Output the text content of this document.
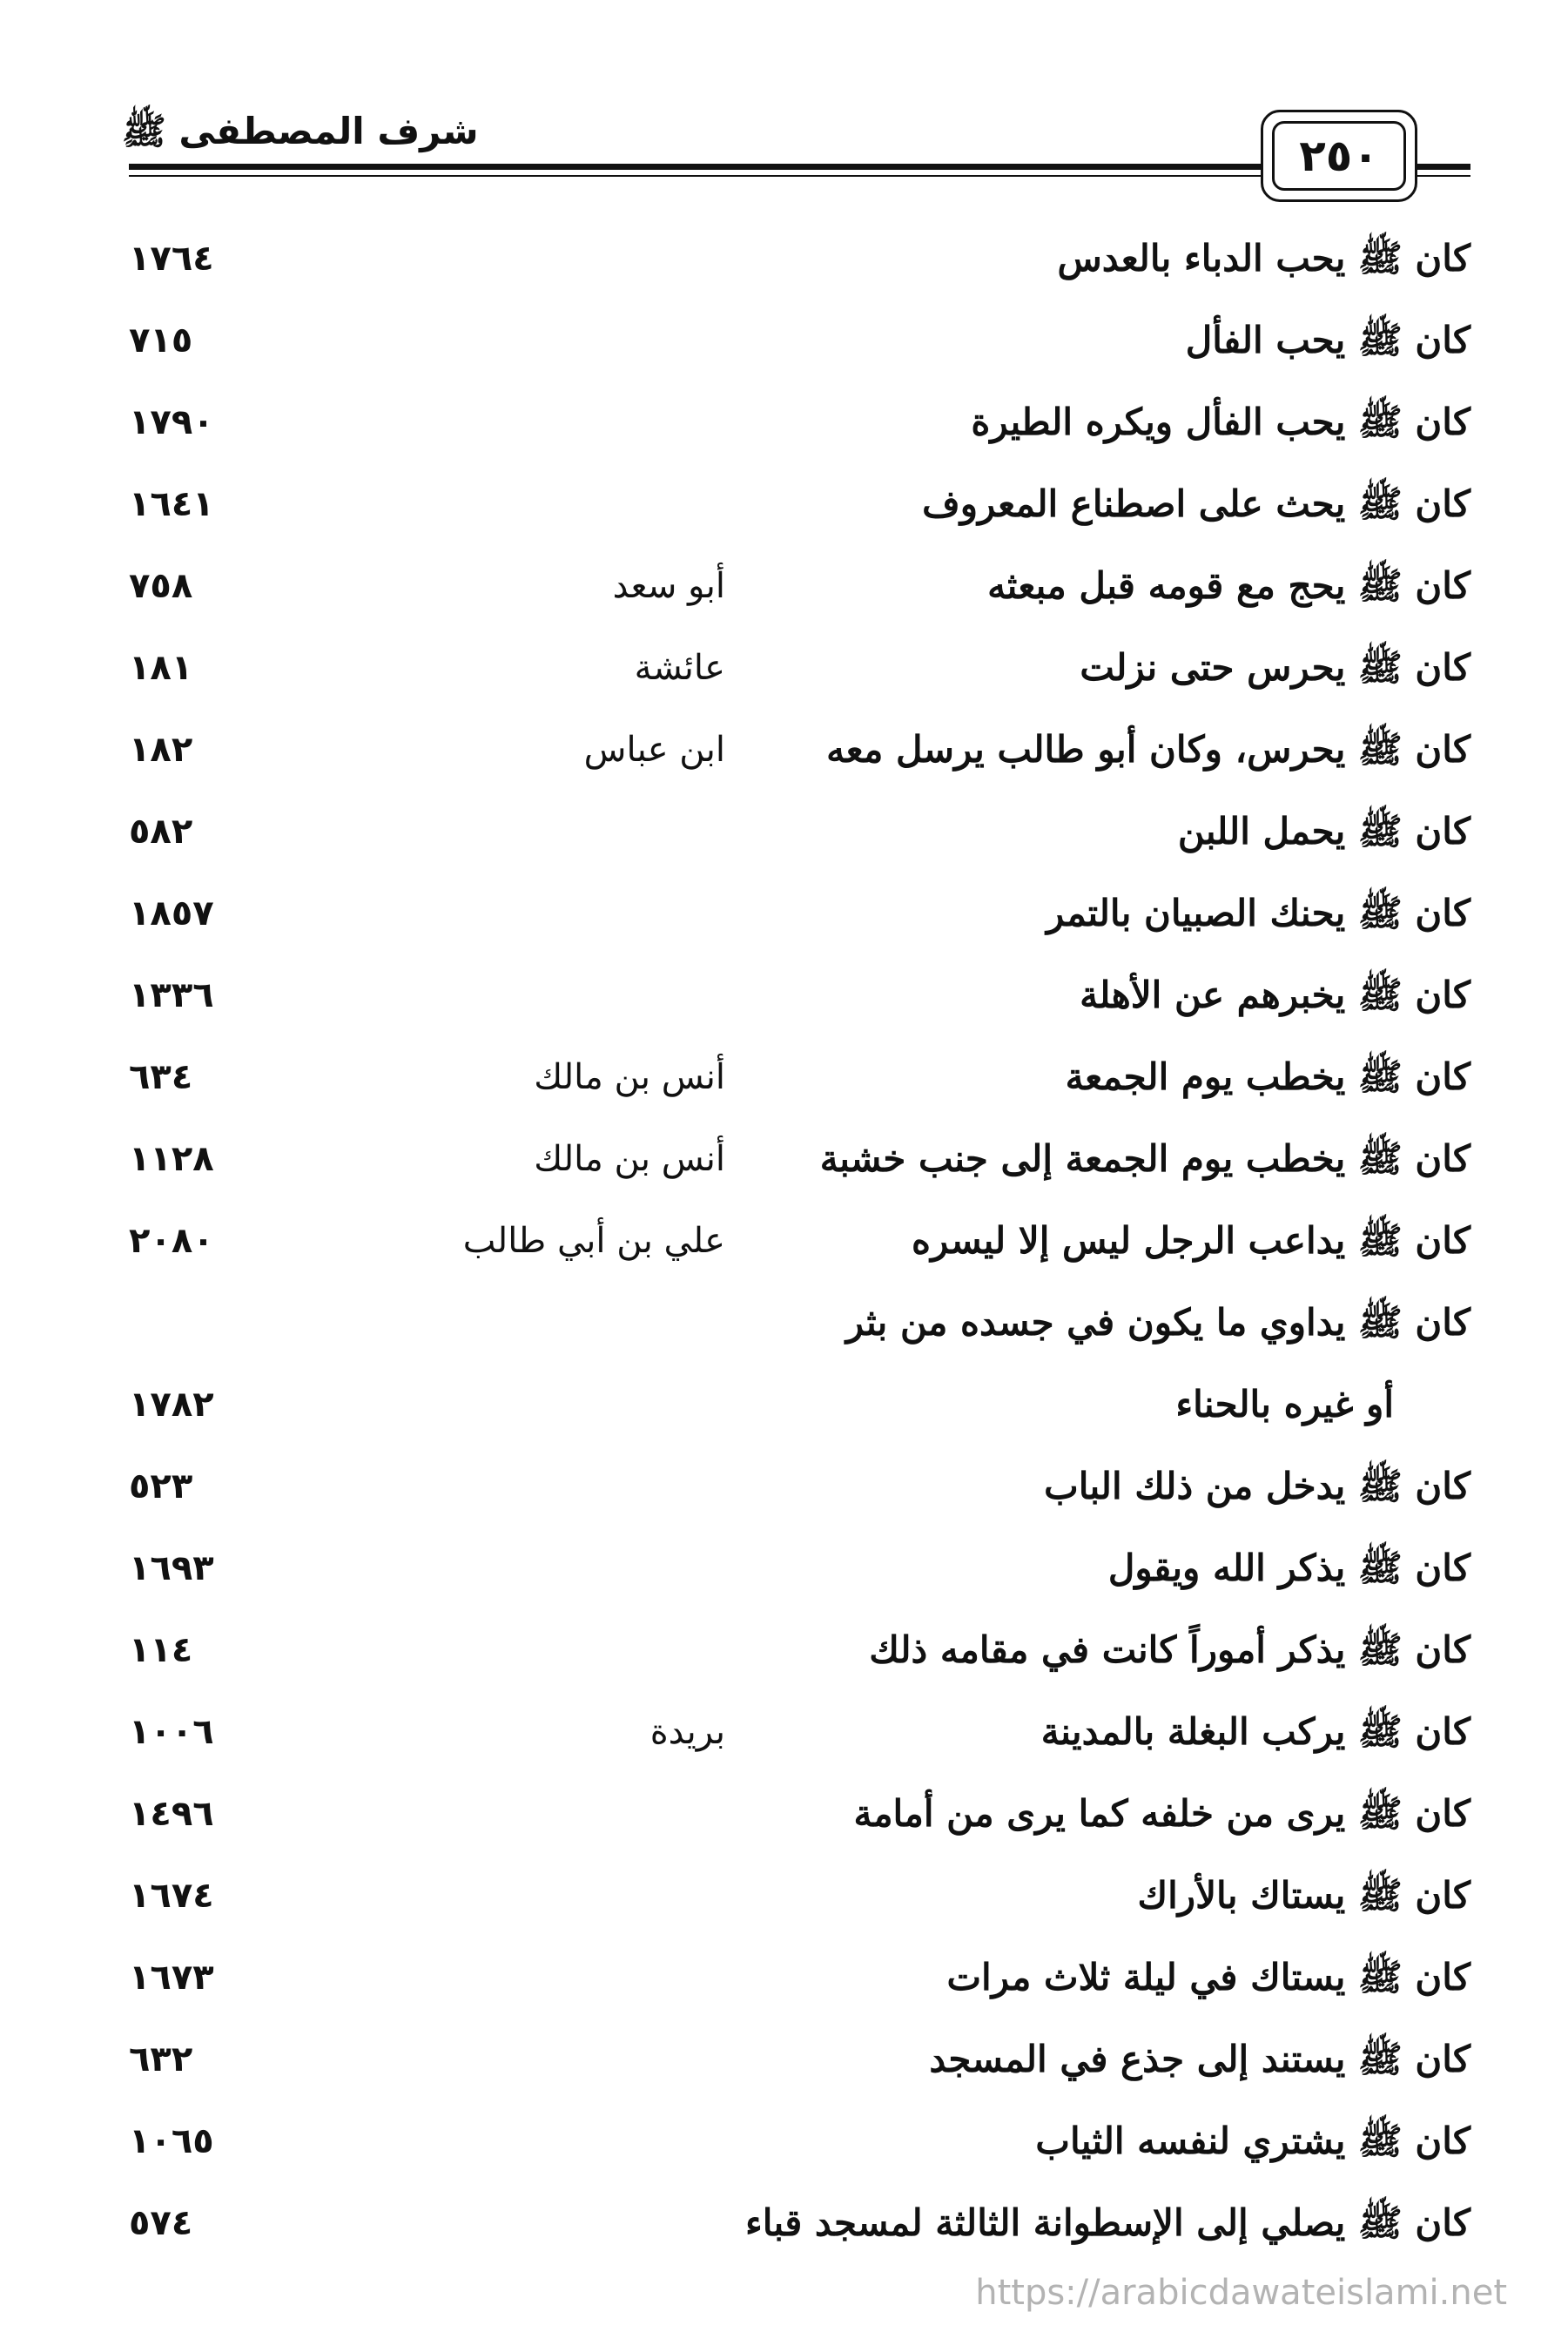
شرف المصطفى ﷺ	٢٥٠
كان ﷺ يحب الدباء بالعدس
١٧٦٤
كان ﷺ يحب الفأل
٧١٥
كان ﷺ يحب الفأل ويكره الطيرة
١٧٩٠
كان ﷺ يحث على اصطناع المعروف
١٦٤١
كان ﷺ يحج مع قومه قبل مبعثه
أبو سعد
٧٥٨
كان ﷺ يحرس حتى نزلت
عائشة
١٨١
كان ﷺ يحرس، وكان أبو طالب يرسل معه
ابن عباس
١٨٢
كان ﷺ يحمل اللبن
٥٨٢
كان ﷺ يحنك الصبيان بالتمر
١٨٥٧
كان ﷺ يخبرهم عن الأهلة
١٣٣٦
كان ﷺ يخطب يوم الجمعة
أنس بن مالك
٦٣٤
كان ﷺ يخطب يوم الجمعة إلى جنب خشبة
أنس بن مالك
١١٢٨
كان ﷺ يداعب الرجل ليس إلا ليسره
علي بن أبي طالب
٢٠٨٠
كان ﷺ يداوي ما يكون في جسده من بثر
أو غيره بالحناء
١٧٨٢
كان ﷺ يدخل من ذلك الباب
٥٢٣
كان ﷺ يذكر الله ويقول
١٦٩٣
كان ﷺ يذكر أموراً كانت في مقامه ذلك
١١٤
كان ﷺ يركب البغلة بالمدينة
بريدة
١٠٠٦
كان ﷺ يرى من خلفه كما يرى من أمامة
١٤٩٦
كان ﷺ يستاك بالأراك
١٦٧٤
كان ﷺ يستاك في ليلة ثلاث مرات
١٦٧٣
كان ﷺ يستند إلى جذع في المسجد
٦٣٢
كان ﷺ يشتري لنفسه الثياب
١٠٦٥
كان ﷺ يصلي إلى الإسطوانة الثالثة لمسجد قباء
٥٧٤
https://arabicdawateislami.net
